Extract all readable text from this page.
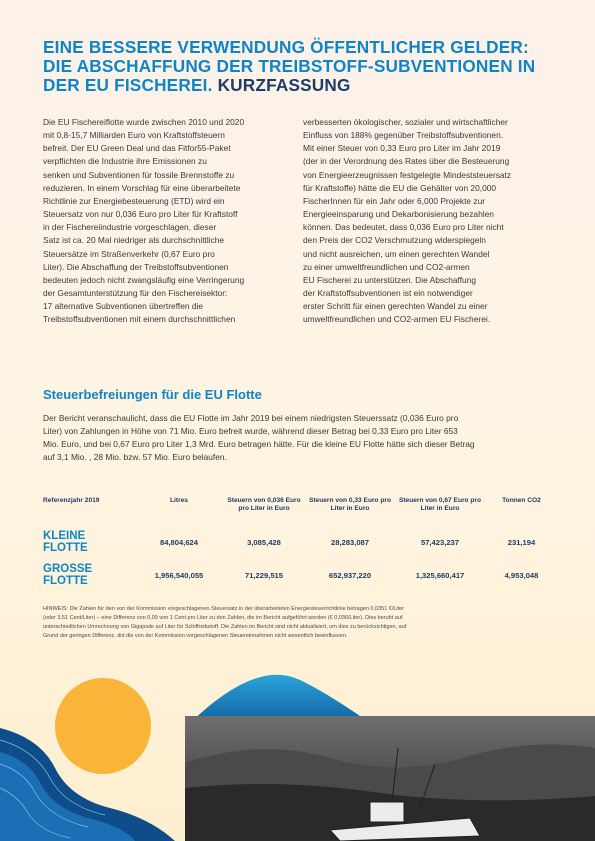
EINE BESSERE VERWENDUNG ÖFFENTLICHER GELDER: DIE ABSCHAFFUNG DER TREIBSTOFF-SUBVENTIONEN IN DER EU FISCHEREI. KURZFASSUNG
Die EU Fischereiflotte wurde zwischen 2010 und 2020
mit 0,8-15,7 Milliarden Euro von Kraftstoffsteuern
befreit. Der EU Green Deal und das Fitfor55-Paket
verpflichten die Industrie ihre Emissionen zu
senken und Subventionen für fossile Brennstoffe zu
reduzieren. In einem Vorschlag für eine überarbeitete
Richtlinie zur Energiebesteuerung (ETD) wird ein
Steuersatz von nur 0,036 Euro pro Liter für Kraftstoff
in der Fischereiindustrie vorgeschlagen, dieser
Satz ist ca. 20 Mal niedriger als durchschnittliche
Steuersätze im Straßenverkehr (0,67 Euro pro
Liter). Die Abschaffung der Treibstoffsubventionen
bedeuten jedoch nicht zwangsläufig eine Verringerung
der Gesamtunterstützung für den Fischereisektor:
17 alternative Subventionen übertreffen die
Treibstoffsubventionen mit einem durchschnittlichen
verbesserten ökologischer, sozialer und wirtschaftlicher
Einfluss von 188% gegenüber Treibstoffsubventionen.
Mit einer Steuer von 0,33 Euro pro Liter im Jahr 2019
(der in der Verordnung des Rates über die Besteuerung
von Energieerzeugnissen festgelegte Mindeststeuersatz
für Kraftstoffe) hätte die EU die Gehälter von 20,000
FischerInnen für ein Jahr oder 6,000 Projekte zur
Energieeinsparung und Dekarbonisierung bezahlen
können. Das bedeutet, dass 0,036 Euro pro Liter nicht
den Preis der CO2 Verschmutzung widerspiegeln
und nicht ausreichen, um einen gerechten Wandel
zu einer umweltfreundlichen und CO2-armen
EU Fischerei zu unterstützen. Die Abschaffung
der Kraftstoffsubventionen ist ein notwendiger
erster Schritt für einen gerechten Wandel zu einer
umweltfreundlichen und CO2-armen EU Fischerei.
Steuerbefreiungen für die EU Flotte
Der Bericht veranschaulicht, dass die EU Flotte im Jahr 2019 bei einem niedrigsten Steuerssatz (0,036 Euro pro
Liter) von Zahlungen in Höhe von 71 Mio. Euro befreit wurde, während dieser Betrag bei 0,33 Euro pro Liter 653
Mio. Euro, und bei 0,67 Euro pro Liter 1,3 Mrd. Euro betragen hätte. Für die kleine EU Flotte hätte sich dieser Betrag
auf 3,1 Mio. , 28 Mio. bzw. 57 Mio. Euro belaufen.
Referenzjahr 2019	Litres	Steuern von 0,036 Euro pro Liter in Euro	Steuern von 0,33 Euro pro Liter in Euro	Steuern von 0,67 Euro pro Liter in Euro	Tonnen CO2
KLEINE
FLOTTE	84,804,624	3,085,428	28,283,087	57,423,237	231,194
GROSSE
FLOTTE	1,956,540,055	71,229,515	652,937,220	1,325,660,417	4,953,048
HINWEIS: Die Zahlen für den von der Kommission vorgeschlagenen Steuersatz in der überarbeiteten Energiesteuerrichtlinie betragen 0,0351 €/Liter
(oder 3,51 Cent/Liter) – eine Differenz von 0,09 von 1 Cent pro Liter zu den Zahlen, die im Bericht aufgeführt werden (€ 0,036/Liter). Dies beruht auf
unterschiedlichen Umrechnung von Gigajoule auf Liter für Schiffreibstoff. Die Zahlen im Bericht sind nicht aktualisiert, um dies zu berücksichtigen, auf
Grund der geringen Differenz, did die von der Kommission vorgeschlagenen Steuereinnahmen nicht wesentlich beeinflussen.
